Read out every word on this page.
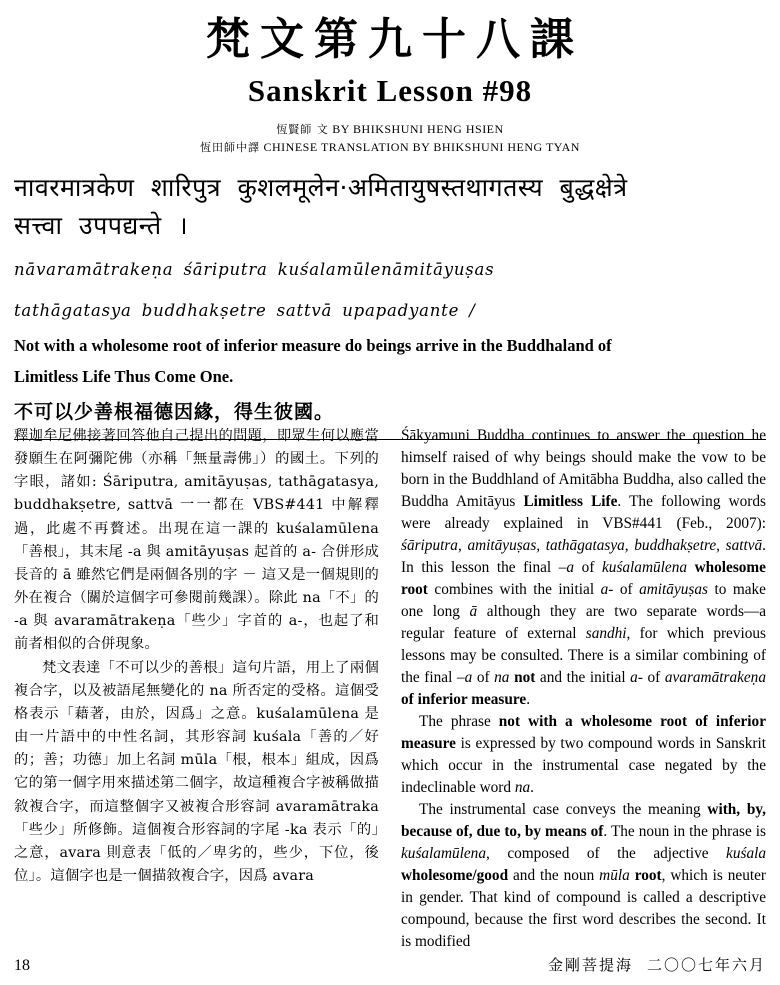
梵文第九十八課
Sanskrit Lesson #98
恆賢師 文 BY BHIKSHUNI HENG HSIEN
恆田師中譯 CHINESE TRANSLATION BY BHIKSHUNI HENG TYAN
नावरमात्रकेण शारिपुत्र कुशलमूलेन·अमितायुषस्तथागतस्य बुद्धक्षेत्रे
सत्त्वा उपपद्यन्ते ।
nāvaramātrakeṇa śāriputra kuśalamūlenāmitāyuṣas
tathāgatasya buddhakṣetre sattvā upapadyante /
Not with a wholesome root of inferior measure do beings arrive in the Buddhaland of
Limitless Life Thus Come One.
不可以少善根福德因緣，得生彼國。

釋迦牟尼佛接著回答他自己提出的問題，即眾生何以應當發願生在阿彌陀佛（亦稱「無量壽佛」）的國土。下列的字眼，諸如: Śāriputra, amitāyuṣas, tathāgatasya, buddhakṣetre, sattvā 一一都在 VBS#441 中解釋過，此處不再贅述。出現在這一課的 kuśalamūlena 「善根」，其末尾 -a 與 amitāyuṣas 起首的 a- 合併形成長音的 ā 雖然它們是兩個各別的字 － 這又是一個規則的 外在複合（關於這個字可參閱前幾課）。除此 na「不」的 -a 與 avaramātrakeṇa「些少」字首的 a-，也起了和前者相似的合併現象。

梵文表達「不可以少的善根」這句片語，用上了兩個複合字，以及被語尾無變化的 na 所否定的受格。這個受格表示「藉著，由於，因爲」之意。kuśalamūlena 是由一片語中的中性名詞，其形容詞 kuśala「善的／好的；善；功德」加上名詞 mūla「根，根本」組成，因爲它的第一個字用來描述第二個字，故這種複合字被稱做描敘複合字，而這整個字又被複合形容詞 avaramātraka「些少」所修飾。這個複合形容詞的字尾 -ka 表示「的」之意，avara 則意表「低的／卑劣的，些少，下位，後位」。這個字也是一個描敘複合字，因爲 avara

Śākyamuni Buddha continues to answer the question he himself raised of why beings should make the vow to be born in the Buddhland of Amitābha Buddha, also called the Buddha Amitāyus Limitless Life. The following words were already explained in VBS#441 (Feb., 2007): śāriputra, amitāyuṣas, tathāgatasya, buddhakṣetre, sattvā. In this lesson the final –a of kuśalamūlena wholesome root combines with the initial a- of amitāyuṣas to make one long ā although they are two separate words—a regular feature of external sandhi, for which previous lessons may be consulted. There is a similar combining of the final –a of na not and the initial a- of avaramātrakeṇa of inferior measure.

The phrase not with a wholesome root of inferior measure is expressed by two compound words in Sanskrit which occur in the instrumental case negated by the indeclinable word na.

The instrumental case conveys the meaning with, by, because of, due to, by means of. The noun in the phrase is kuśalamūlena, composed of the adjective kuśala wholesome/good and the noun mūla root, which is neuter in gender. That kind of compound is called a descriptive compound, because the first word describes the second. It is modified

18	金剛菩提海 二〇〇七年六月
